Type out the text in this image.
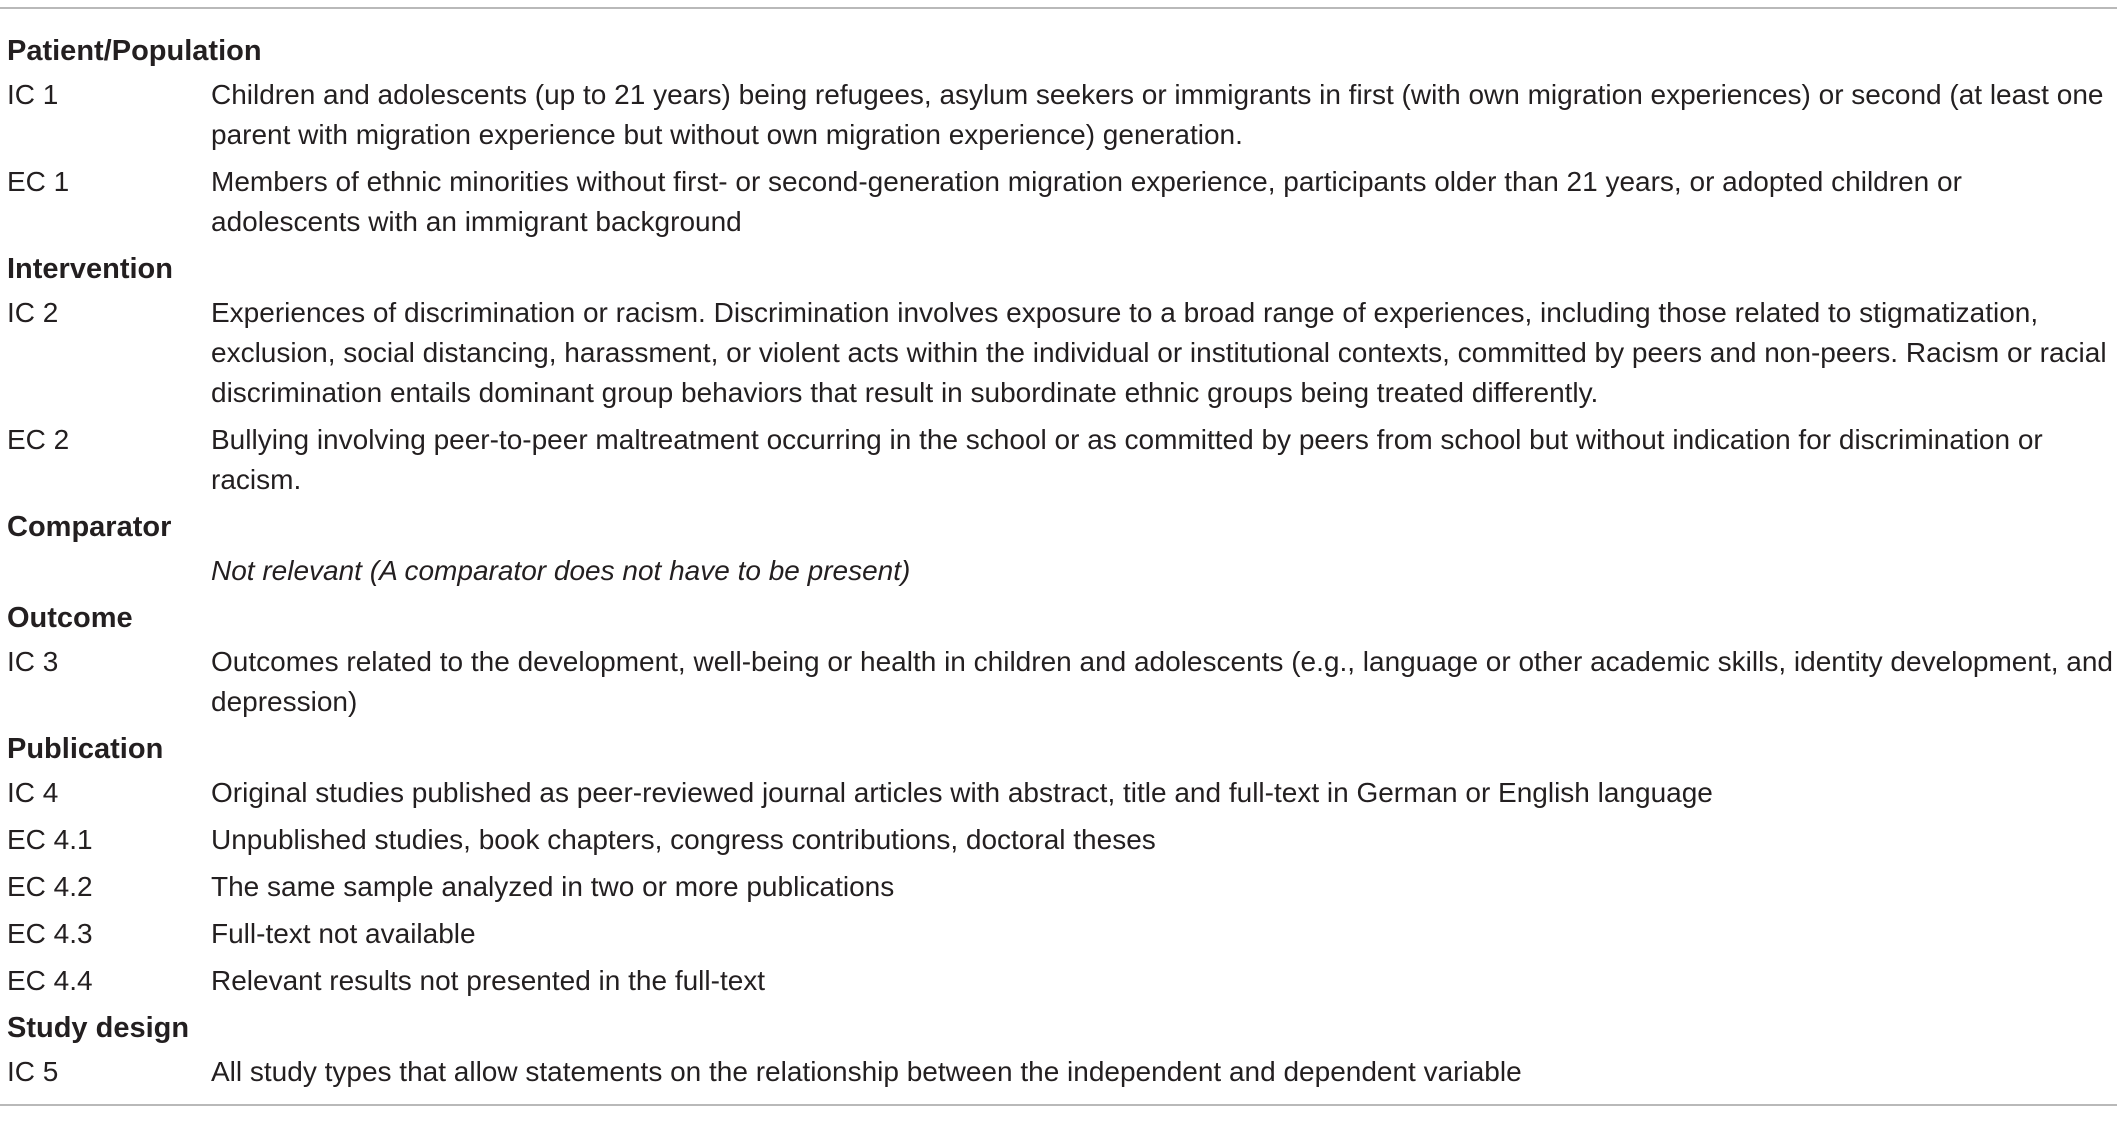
Patient/Population
IC 1	Children and adolescents (up to 21 years) being refugees, asylum seekers or immigrants in first (with own migration experiences) or second (at least one parent with migration experience but without own migration experience) generation.
EC 1	Members of ethnic minorities without first- or second-generation migration experience, participants older than 21 years, or adopted children or adolescents with an immigrant background
Intervention
IC 2	Experiences of discrimination or racism. Discrimination involves exposure to a broad range of experiences, including those related to stigmatization, exclusion, social distancing, harassment, or violent acts within the individual or institutional contexts, committed by peers and non-peers. Racism or racial discrimination entails dominant group behaviors that result in subordinate ethnic groups being treated differently.
EC 2	Bullying involving peer-to-peer maltreatment occurring in the school or as committed by peers from school but without indication for discrimination or racism.
Comparator
Not relevant (A comparator does not have to be present)
Outcome
IC 3	Outcomes related to the development, well-being or health in children and adolescents (e.g., language or other academic skills, identity development, and depression)
Publication
IC 4	Original studies published as peer-reviewed journal articles with abstract, title and full-text in German or English language
EC 4.1	Unpublished studies, book chapters, congress contributions, doctoral theses
EC 4.2	The same sample analyzed in two or more publications
EC 4.3	Full-text not available
EC 4.4	Relevant results not presented in the full-text
Study design
IC 5	All study types that allow statements on the relationship between the independent and dependent variable
